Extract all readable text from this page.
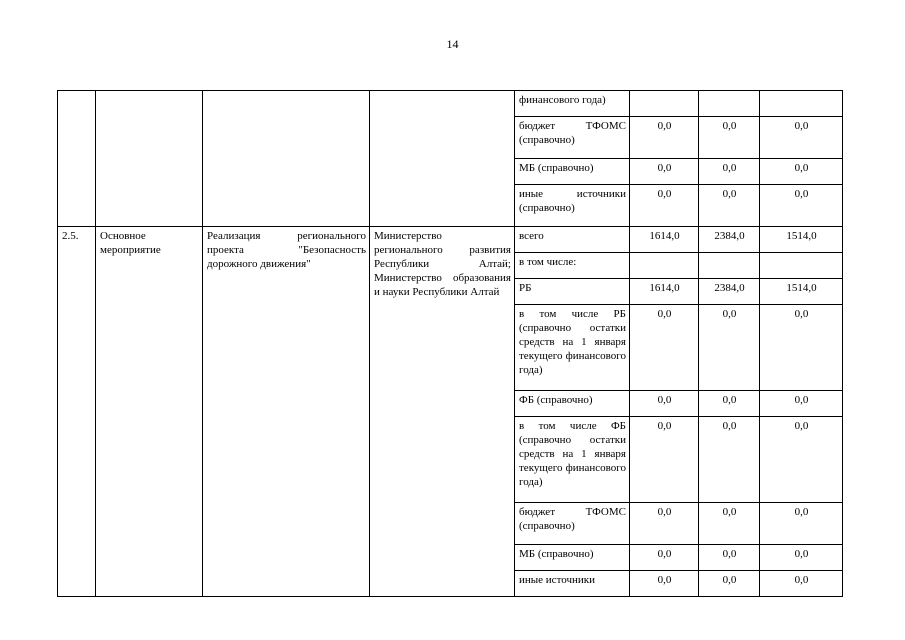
14
				финансового года)			
				бюджет ТФОМС (справочно)	0,0	0,0	0,0
				МБ (справочно)	0,0	0,0	0,0
				иные источники (справочно)	0,0	0,0	0,0
2.5.	Основное мероприятие	Реализация регионального проекта "Безопасность дорожного движения"	Министерство регионального развития Республики Алтай; Министерство образования и науки Республики Алтай	всего	1614,0	2384,0	1514,0
				в том числе:			
				РБ	1614,0	2384,0	1514,0
				в том числе РБ (справочно остатки средств на 1 января текущего финансового года)	0,0	0,0	0,0
				ФБ (справочно)	0,0	0,0	0,0
				в том числе ФБ (справочно остатки средств на 1 января текущего финансового года)	0,0	0,0	0,0
				бюджет ТФОМС (справочно)	0,0	0,0	0,0
				МБ (справочно)	0,0	0,0	0,0
				иные источники	0,0	0,0	0,0
